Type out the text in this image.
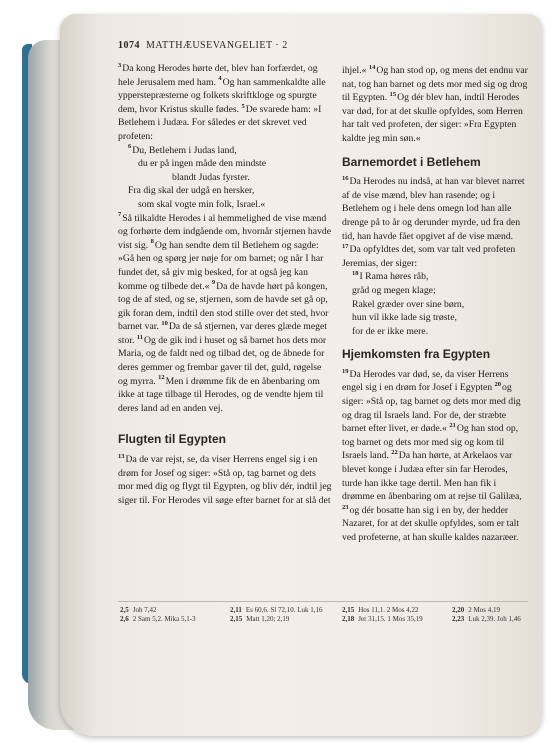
1074 MATTHÆUSEVANGELIET · 2

$^3$Da kong Herodes hørte det, blev han forfærdet, og hele Jerusalem med ham. $^4$Og han sammenkaldte alle ypperstepræsterne og folkets skriftkloge og spurgte dem, hvor Kristus skulle fødes. $^5$De svarede ham: »I Betlehem i Judæa. For således er det skrevet ved profeten:

$^6$Du, Betlehem i Judas land,
du er på ingen måde den mindste
blandt Judas fyrster.
Fra dig skal der udgå en hersker,
som skal vogte min folk, Israel.«

$^7$Så tilkaldte Herodes i al hemmelighed de vise mænd og forhørte dem indgående om, hvornår stjernen havde vist sig. $^8$Og han sendte dem til Betlehem og sagde: »Gå hen og spørg jer nøje for om barnet; og når I har fundet det, så giv mig besked, for at også jeg kan komme og tilbede det.« $^9$Da de havde hørt på kongen, tog de af sted, og se, stjernen, som de havde set gå op, gik foran dem, indtil den stod stille over det sted, hvor barnet var. $^{10}$Da de så stjernen, var deres glæde meget stor. $^{11}$Og de gik ind i huset og så barnet hos dets mor Maria, og de faldt ned og tilbad det, og de åbnede for deres gemmer og frembar gaver til det, guld, røgelse og myrra. $^{12}$Men i drømme fik de en åbenbaring om ikke at tage tilbage til Herodes, og de vendte hjem til deres land ad en anden vej.

Flugten til Egypten

$^{13}$Da de var rejst, se, da viser Herrens engel sig i en drøm for Josef og siger: »Stå op, tag barnet og dets mor med dig og flygt til Egypten, og bliv dér, indtil jeg siger til. For Herodes vil søge efter barnet for at slå det

ihjel.« $^{14}$Og han stod op, og mens det endnu var nat, tog han barnet og dets mor med sig og drog til Egypten. $^{15}$Og dér blev han, indtil Herodes var død, for at det skulle opfyldes, som Herren har talt ved profeten, der siger: »Fra Egypten kaldte jeg min søn.«

Barnemordet i Betlehem

$^{16}$Da Herodes nu indså, at han var blevet narret af de vise mænd, blev han rasende; og i Betlehem og i hele dens omegn lod han alle drenge på to år og derunder myrde, ud fra den tid, han havde fået opgivet af de vise mænd. $^{17}$Da opfyldtes det, som var talt ved profeten Jeremias, der siger:

$^{18}$I Rama høres råb,
gråd og megen klage;
Rakel græder over sine børn,
hun vil ikke lade sig trøste,
for de er ikke mere.
Hjemkomsten fra Egypten

$^{19}$Da Herodes var død, se, da viser Herrens engel sig i en drøm for Josef i Egypten $^{20}$og siger: »Stå op, tag barnet og dets mor med dig og drag til Israels land. For de, der stræbte barnet efter livet, er døde.« $^{21}$Og han stod op, tog barnet og dets mor med sig og kom til Israels land. $^{22}$Da han hørte, at Arkelaos var blevet konge i Judæa efter sin far Herodes, turde han ikke tage dertil. Men han fik i drømme en åbenbaring om at rejse til Galilæa, $^{23}$og dér bosatte han sig i en by, der hedder Nazaret, for at det skulle opfyldes, som er talt ved profeterne, at han skulle kaldes nazaræer.

2,5 Joh 7,42
2,6 2 Sam 5,2. Mika 5,1-3
2,11 Es 60,6. Sl 72,10. Luk 1,16
2,15 Matt 1,20; 2,19
2,15 Hos 11,1. 2 Mos 4,22
2,18 Jer 31,15. 1 Mos 35,19
2,20 2 Mos 4,19
2,23 Luk 2,39. Joh 1,46
